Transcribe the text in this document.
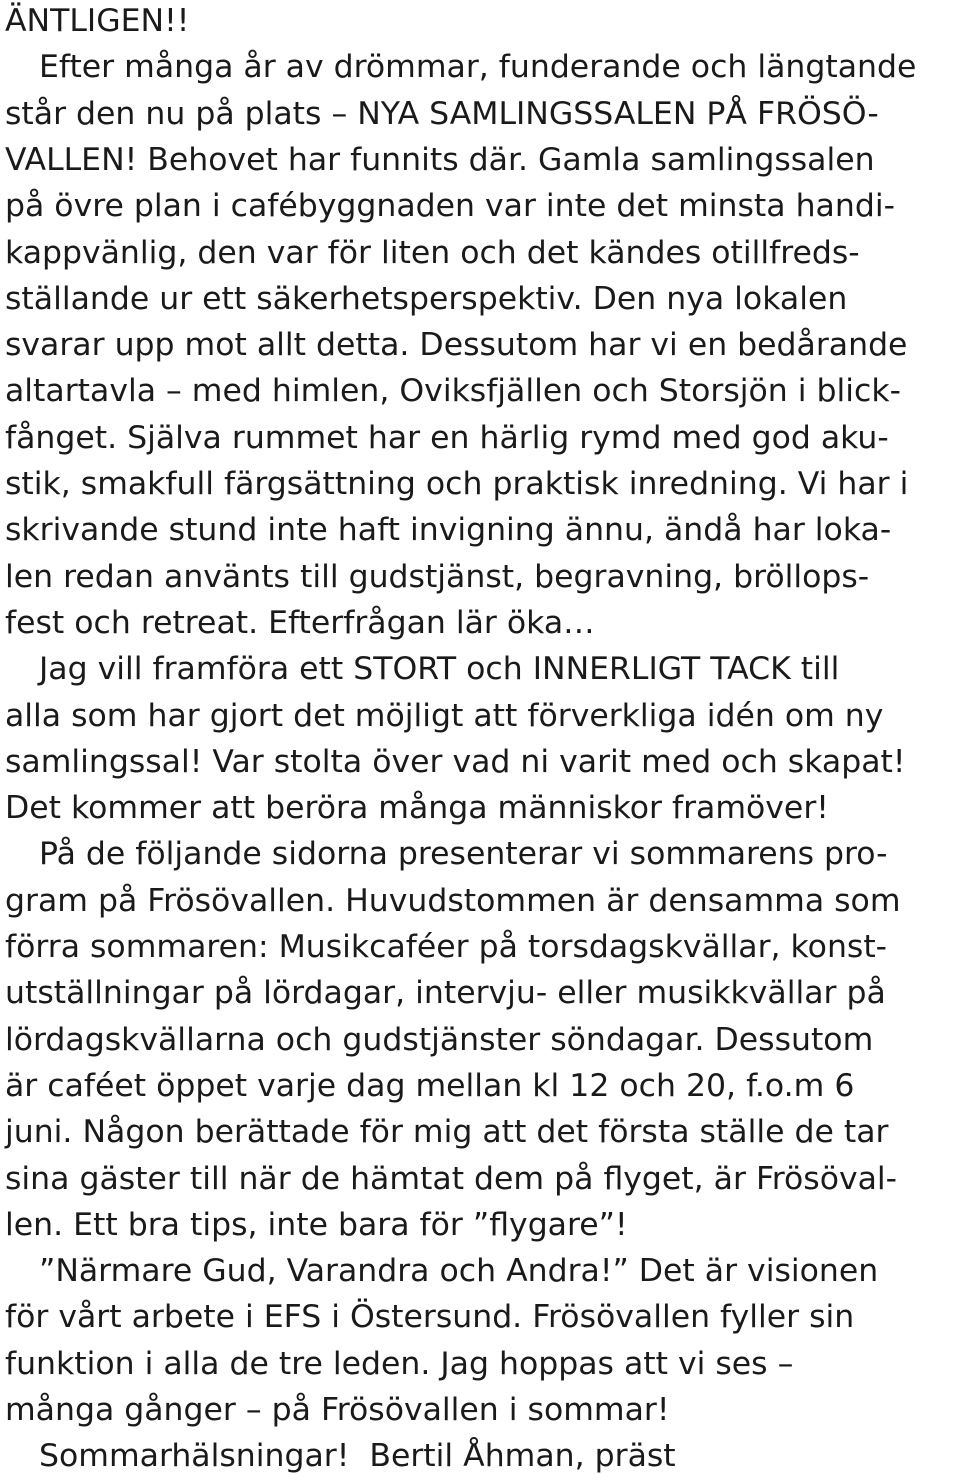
ÄNTLIGEN!!
Efter många år av drömmar, funderande och längtande
står den nu på plats – NYA SAMLINGSSALEN PÅ FRÖSÖ-
VALLEN! Behovet har funnits där. Gamla samlingssalen
på övre plan i cafébyggnaden var inte det minsta handi-
kappvänlig, den var för liten och det kändes otillfreds-
ställande ur ett säkerhetsperspektiv. Den nya lokalen
svarar upp mot allt detta. Dessutom har vi en bedårande
altartavla – med himlen, Oviksfjällen och Storsjön i blick-
fånget. Själva rummet har en härlig rymd med god aku-
stik, smakfull färgsättning och praktisk inredning. Vi har i
skrivande stund inte haft invigning ännu, ändå har loka-
len redan använts till gudstjänst, begravning, bröllops-
fest och retreat. Efterfrågan lär öka…
Jag vill framföra ett STORT och INNERLIGT TACK till
alla som har gjort det möjligt att förverkliga idén om ny
samlingssal! Var stolta över vad ni varit med och skapat!
Det kommer att beröra många människor framöver!
På de följande sidorna presenterar vi sommarens pro-
gram på Frösövallen. Huvudstommen är densamma som
förra sommaren: Musikcaféer på torsdagskvällar, konst-
utställningar på lördagar, intervju- eller musikkvällar på
lördagskvällarna och gudstjänster söndagar. Dessutom
är caféet öppet varje dag mellan kl 12 och 20, f.o.m 6
juni. Någon berättade för mig att det första ställe de tar
sina gäster till när de hämtat dem på flyget, är Frösöval-
len. Ett bra tips, inte bara för ”flygare”!
”Närmare Gud, Varandra och Andra!” Det är visionen
för vårt arbete i EFS i Östersund. Frösövallen fyller sin
funktion i alla de tre leden. Jag hoppas att vi ses –
många gånger – på Frösövallen i sommar!
Sommarhälsningar!  Bertil Åhman, präst
